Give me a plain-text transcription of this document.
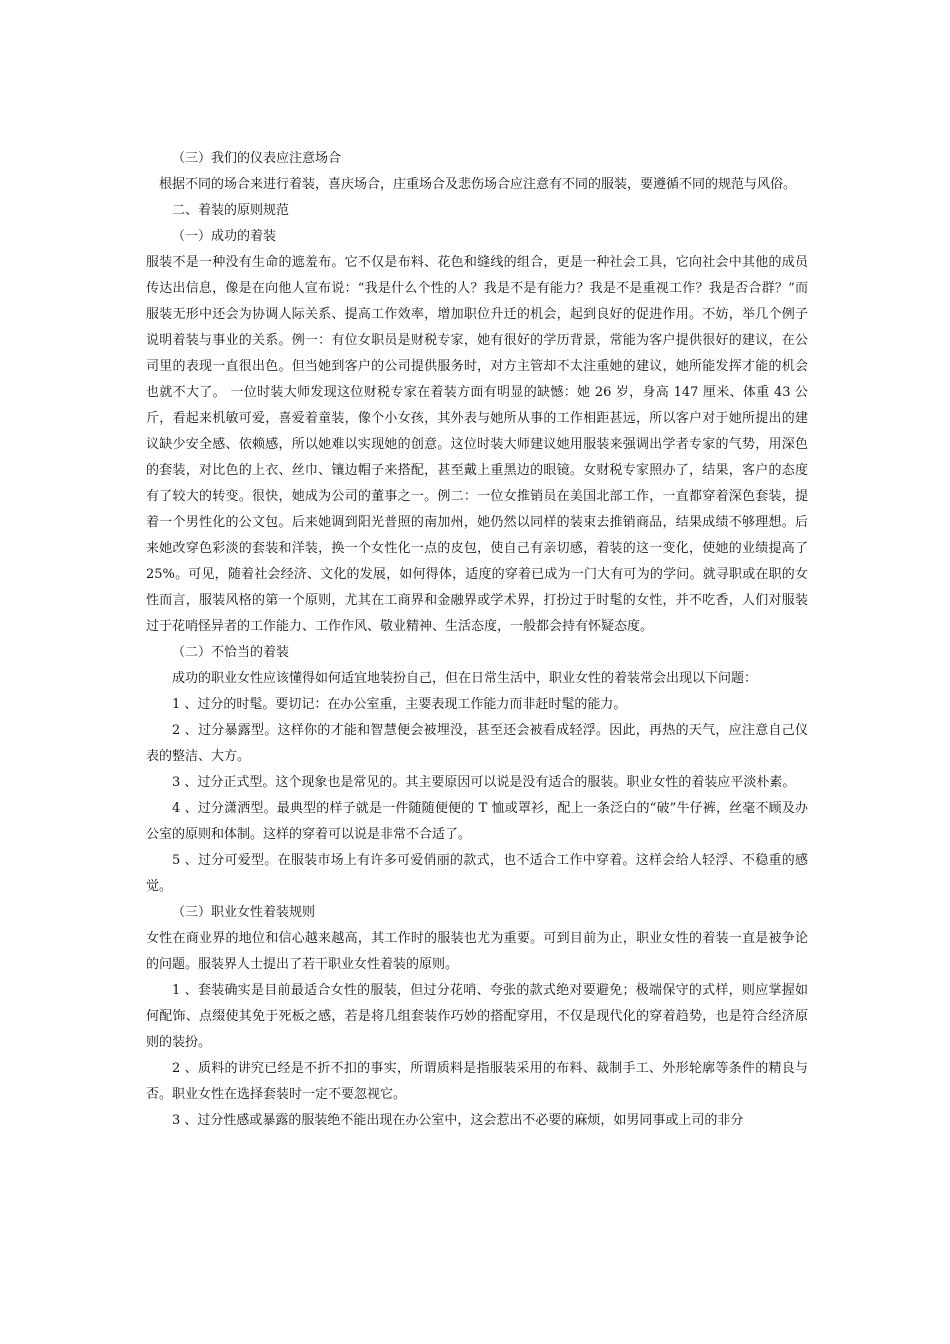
（三）我们的仪表应注意场合

根据不同的场合来进行着装，喜庆场合，庄重场合及悲伤场合应注意有不同的服装，要遵循不同的规范与风俗。

二、着装的原则规范

（一）成功的着装

服装不是一种没有生命的遮羞布。它不仅是布料、花色和缝线的组合，更是一种社会工具，它向社会中其他的成员传达出信息，像是在向他人宣布说：“我是什么个性的人？我是不是有能力？我是不是重视工作？我是否合群？”而服装无形中还会为协调人际关系、提高工作效率，增加职位升迁的机会，起到良好的促进作用。不妨，举几个例子说明着装与事业的关系。例一：有位女职员是财税专家，她有很好的学历背景，常能为客户提供很好的建议，在公司里的表现一直很出色。但当她到客户的公司提供服务时，对方主管却不太注重她的建议，她所能发挥才能的机会也就不大了。 一位时装大师发现这位财税专家在着装方面有明显的缺憾：她 26 岁，身高 147 厘米、体重 43 公斤，看起来机敏可爱，喜爱着童装，像个小女孩，其外表与她所从事的工作相距甚远，所以客户对于她所提出的建议缺少安全感、依赖感，所以她难以实现她的创意。这位时装大师建议她用服装来强调出学者专家的气势，用深色的套装，对比色的上衣、丝巾、镶边帽子来搭配，甚至戴上重黑边的眼镜。女财税专家照办了，结果，客户的态度有了较大的转变。很快，她成为公司的董事之一。例二：一位女推销员在美国北部工作，一直都穿着深色套装，提着一个男性化的公文包。后来她调到阳光普照的南加州，她仍然以同样的装束去推销商品，结果成绩不够理想。后来她改穿色彩淡的套装和洋装，换一个女性化一点的皮包，使自己有亲切感，着装的这一变化，使她的业绩提高了 25%。可见，随着社会经济、文化的发展，如何得体，适度的穿着已成为一门大有可为的学问。就寻职或在职的女性而言，服装风格的第一个原则，尤其在工商界和金融界或学术界，打扮过于时髦的女性，并不吃香，人们对服装过于花哨怪异者的工作能力、工作作风、敬业精神、生活态度，一般都会持有怀疑态度。

（二）不恰当的着装

成功的职业女性应该懂得如何适宜地装扮自己，但在日常生活中，职业女性的着装常会出现以下问题：

1 、过分的时髦。要切记：在办公室重，主要表现工作能力而非赶时髦的能力。

2 、过分暴露型。这样你的才能和智慧便会被埋没，甚至还会被看成轻浮。因此，再热的天气，应注意自己仪表的整洁、大方。

3 、过分正式型。这个现象也是常见的。其主要原因可以说是没有适合的服装。职业女性的着装应平淡朴素。

4 、过分潇洒型。最典型的样子就是一件随随便便的 T 恤或罩衫，配上一条泛白的“破”牛仔裤，丝毫不顾及办公室的原则和体制。这样的穿着可以说是非常不合适了。

5 、过分可爱型。在服装市场上有许多可爱俏丽的款式，也不适合工作中穿着。这样会给人轻浮、不稳重的感觉。

（三）职业女性着装规则

女性在商业界的地位和信心越来越高，其工作时的服装也尤为重要。可到目前为止，职业女性的着装一直是被争论的问题。服装界人士提出了若干职业女性着装的原则。

1 、套装确实是目前最适合女性的服装，但过分花哨、夸张的款式绝对要避免；极端保守的式样，则应掌握如何配饰、点缀使其免于死板之感，若是将几组套装作巧妙的搭配穿用，不仅是现代化的穿着趋势，也是符合经济原则的装扮。

2 、质料的讲究已经是不折不扣的事实，所谓质料是指服装采用的布料、裁制手工、外形轮廓等条件的精良与否。职业女性在选择套装时一定不要忽视它。

3 、过分性感或暴露的服装绝不能出现在办公室中，这会惹出不必要的麻烦，如男同事或上司的非分
